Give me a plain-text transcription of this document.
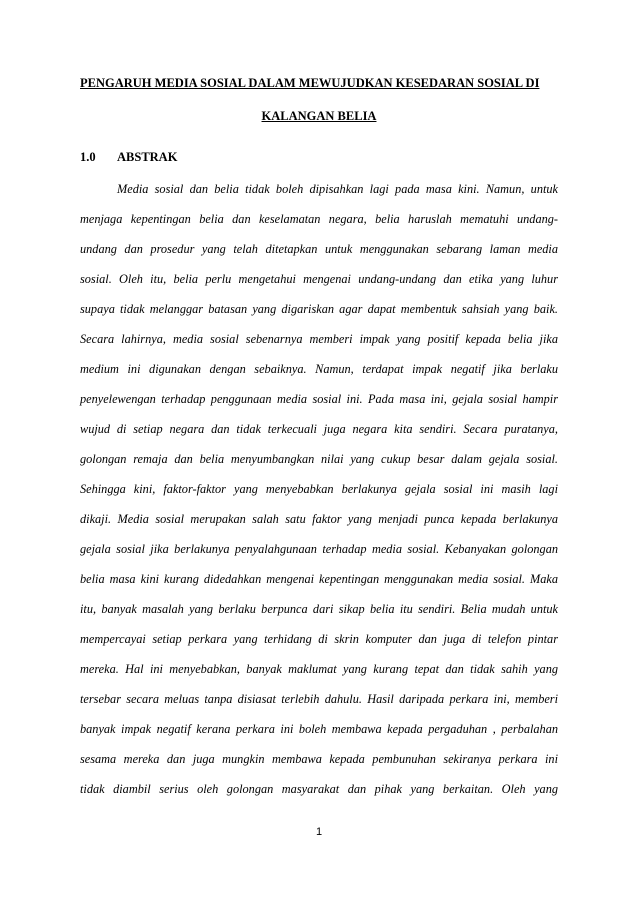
PENGARUH MEDIA SOSIAL DALAM MEWUJUDKAN KESEDARAN SOSIAL DI
KALANGAN BELIA
1.0 ABSTRAK
Media sosial dan belia tidak boleh dipisahkan lagi pada masa kini. Namun, untuk
menjaga kepentingan belia dan keselamatan negara, belia haruslah mematuhi undang-
undang dan prosedur yang telah ditetapkan untuk menggunakan sebarang laman media
sosial. Oleh itu, belia perlu mengetahui mengenai undang-undang dan etika yang luhur
supaya tidak melanggar batasan yang digariskan agar dapat membentuk sahsiah yang baik.
Secara lahirnya, media sosial sebenarnya memberi impak yang positif kepada belia jika
medium ini digunakan dengan sebaiknya. Namun, terdapat impak negatif jika berlaku
penyelewengan terhadap penggunaan media sosial ini. Pada masa ini, gejala sosial hampir
wujud di setiap negara dan tidak terkecuali juga negara kita sendiri. Secara puratanya,
golongan remaja dan belia menyumbangkan nilai yang cukup besar dalam gejala sosial.
Sehingga kini, faktor-faktor yang menyebabkan berlakunya gejala sosial ini masih lagi
dikaji. Media sosial merupakan salah satu faktor yang menjadi punca kepada berlakunya
gejala sosial jika berlakunya penyalahgunaan terhadap media sosial. Kebanyakan golongan
belia masa kini kurang didedahkan mengenai kepentingan menggunakan media sosial. Maka
itu, banyak masalah yang berlaku berpunca dari sikap belia itu sendiri. Belia mudah untuk
mempercayai setiap perkara yang terhidang di skrin komputer dan juga di telefon pintar
mereka. Hal ini menyebabkan, banyak maklumat yang kurang tepat dan tidak sahih yang
tersebar secara meluas tanpa disiasat terlebih dahulu. Hasil daripada perkara ini, memberi
banyak impak negatif kerana perkara ini boleh membawa kepada pergaduhan , perbalahan
sesama mereka dan juga mungkin membawa kepada pembunuhan sekiranya perkara ini
1
tidak diambil serius oleh golongan masyarakat dan pihak yang berkaitan. Oleh yang
